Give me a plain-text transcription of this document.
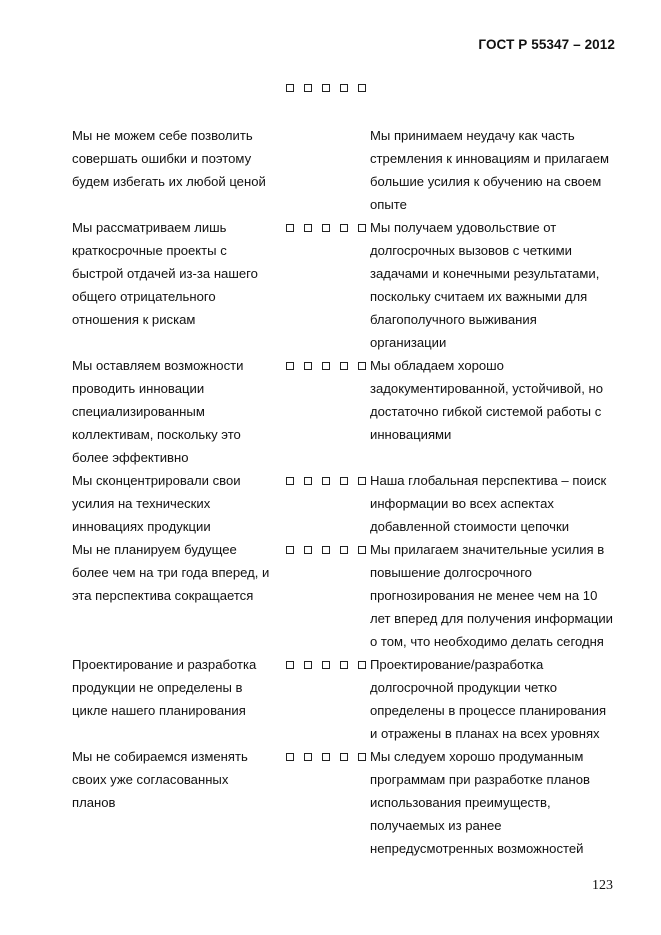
ГОСТ Р 55347 – 2012
Мы не можем себе позволить
совершать ошибки и поэтому
будем избегать их любой ценой
Мы принимаем неудачу как часть
стремления к инновациям и прилагаем
большие усилия к обучению на своем
опыте
Мы рассматриваем лишь
краткосрочные проекты с
быстрой отдачей из-за нашего
общего отрицательного
отношения к рискам
Мы получаем удовольствие от
долгосрочных вызовов с четкими
задачами и конечными результатами,
поскольку считаем их важными для
благополучного выживания
организации
Мы оставляем возможности
проводить инновации
специализированным
коллективам, поскольку это
более эффективно
Мы обладаем хорошо
задокументированной, устойчивой, но
достаточно гибкой системой работы с
инновациями
Мы сконцентрировали свои
усилия на технических
инновациях продукции
Наша глобальная перспектива – поиск
информации во всех аспектах
добавленной стоимости цепочки
Мы не планируем будущее
более чем на три года вперед, и
эта перспектива сокращается
Мы прилагаем значительные усилия в
повышение долгосрочного
прогнозирования не менее чем на 10
лет вперед для получения информации
о том, что необходимо делать сегодня
Проектирование и разработка
продукции не определены в
цикле нашего планирования
Проектирование/разработка
долгосрочной продукции четко
определены в процессе планирования
и отражены в планах на всех уровнях
Мы не собираемся изменять
своих уже согласованных
планов
Мы следуем хорошо продуманным
программам при разработке планов
использования преимуществ,
получаемых из ранее
непредусмотренных возможностей
123
